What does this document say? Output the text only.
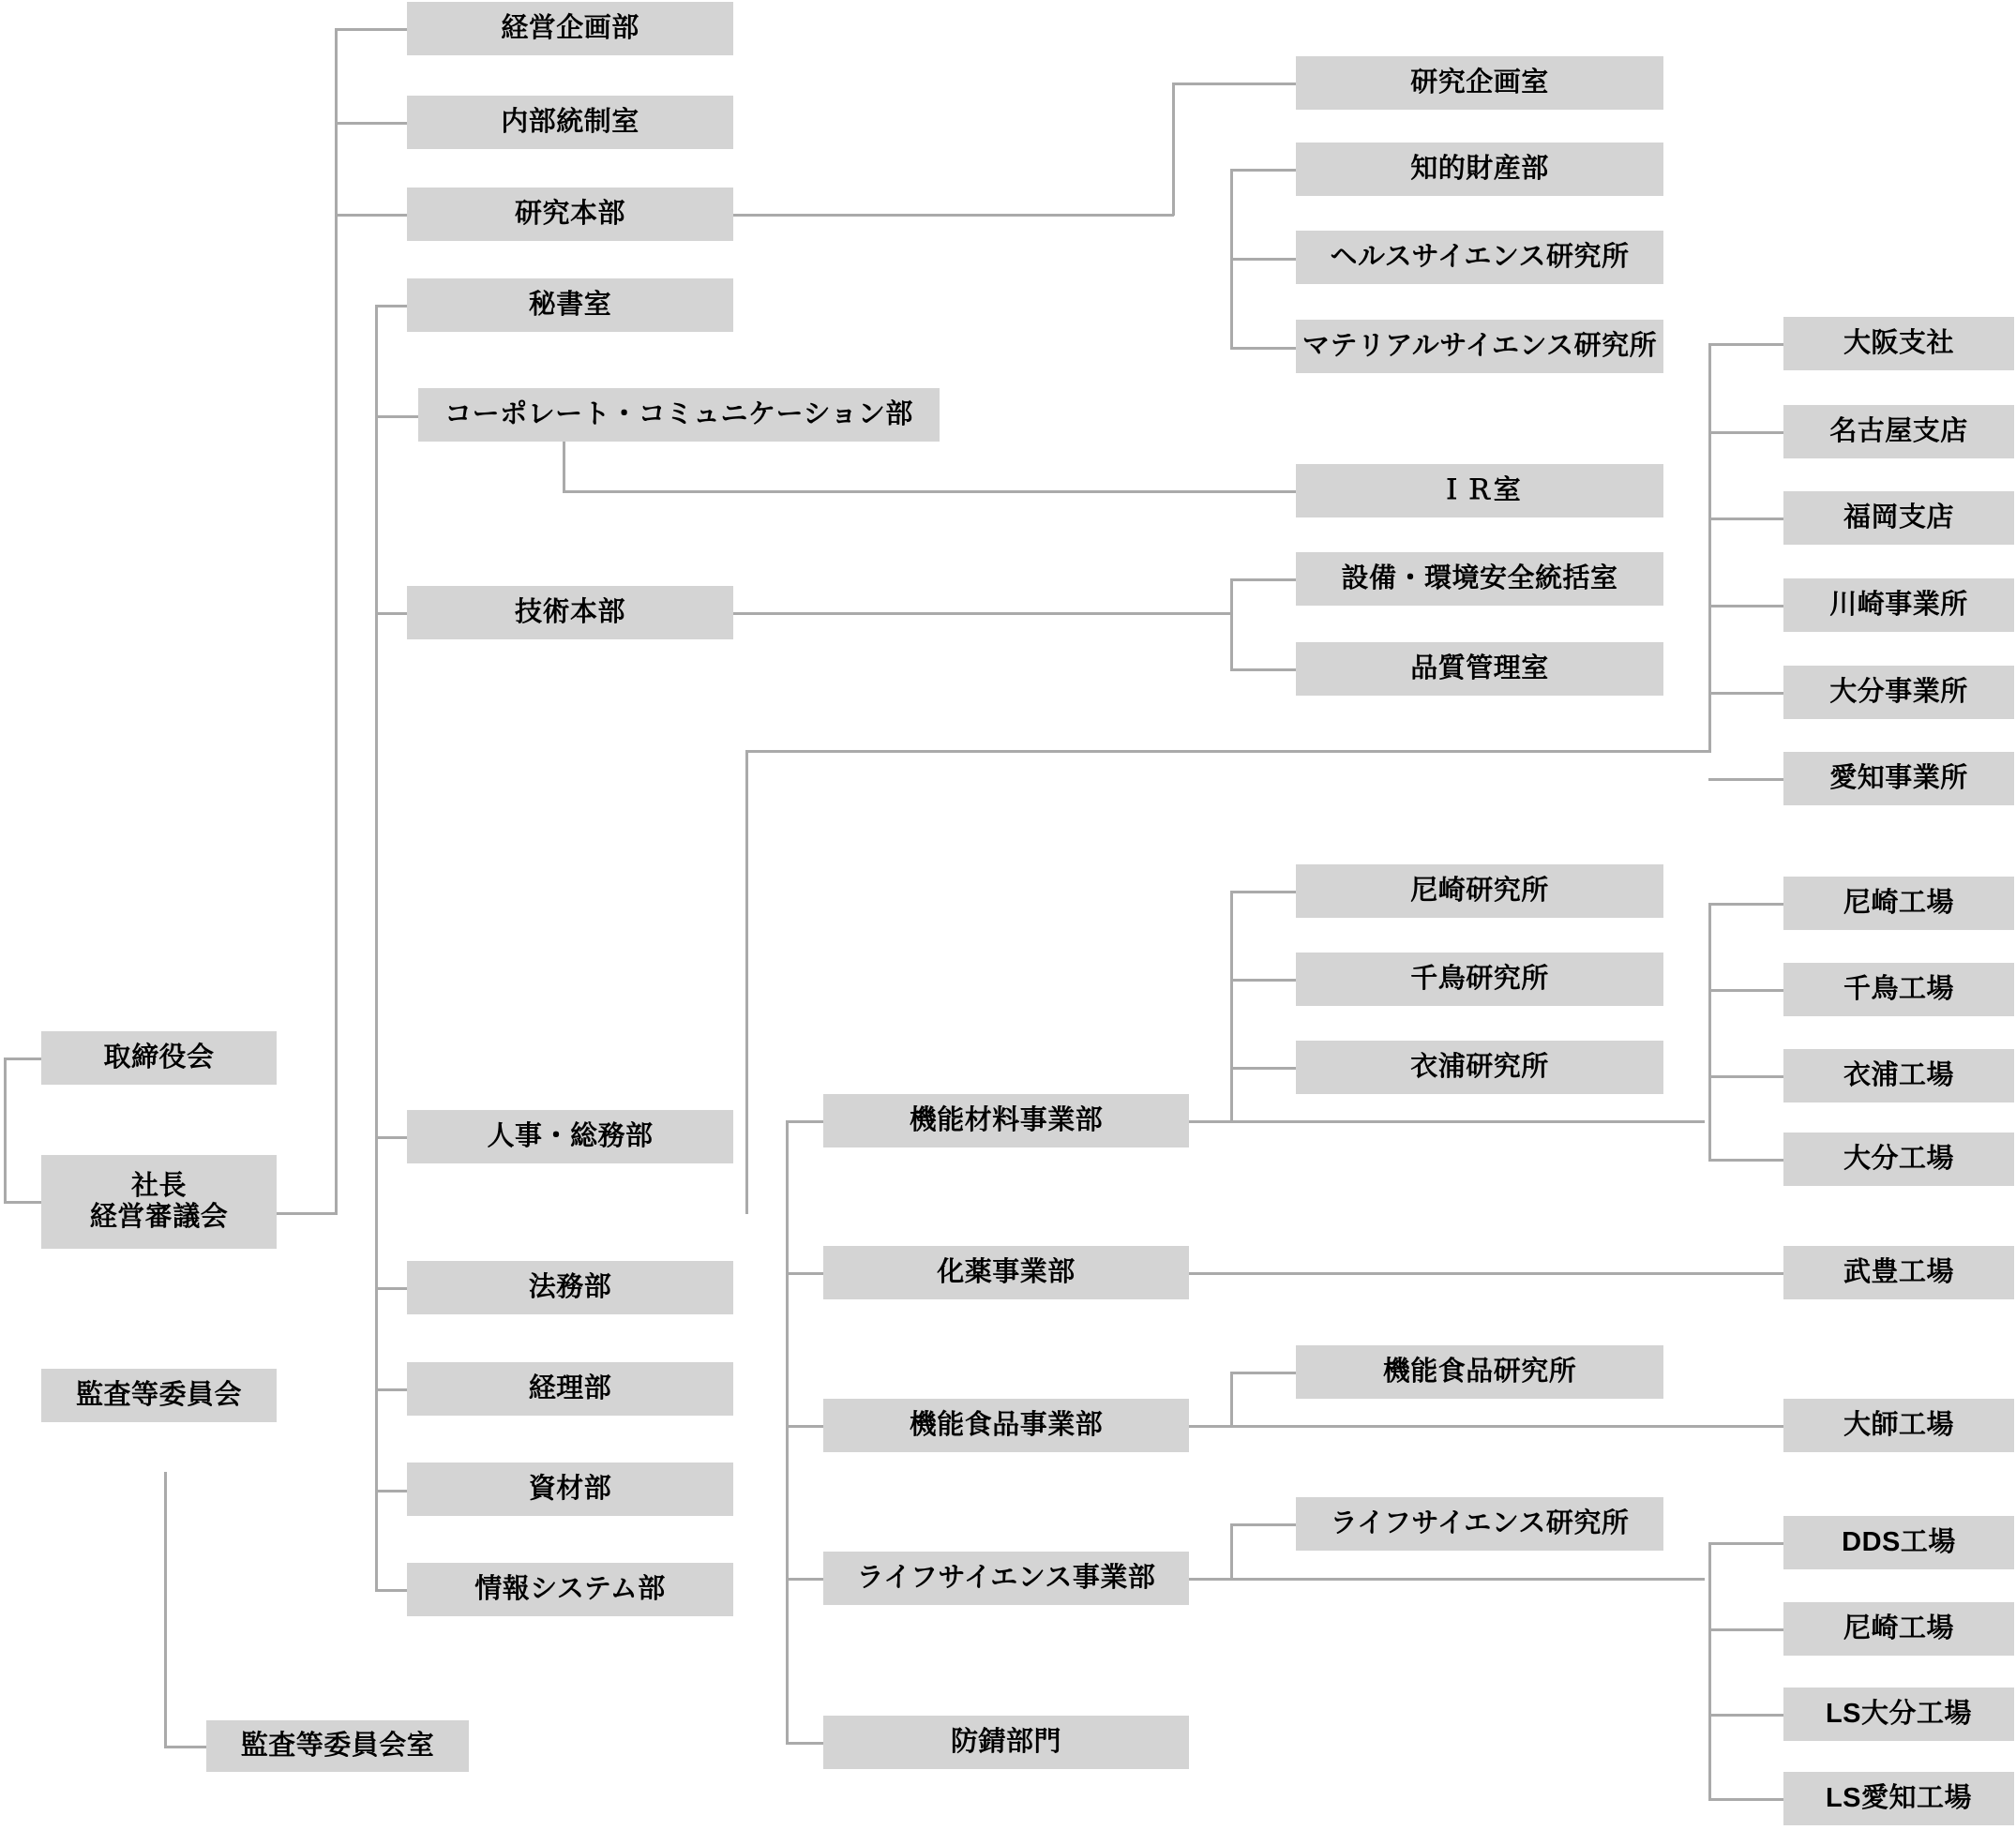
取締役会
社長
経営審議会
監査等委員会
監査等委員会室
経営企画部
内部統制室
研究本部
研究企画室
知的財産部
ヘルスサイエンス研究所
マテリアルサイエンス研究所
秘書室
コーポレート・コミュニケーション部
ＩＲ室
技術本部
設備・環境安全統括室
品質管理室
人事・総務部
法務部
経理部
資材部
情報システム部
大阪支社
名古屋支店
福岡支店
川崎事業所
大分事業所
愛知事業所
機能材料事業部
尼崎研究所
千鳥研究所
衣浦研究所
尼崎工場
千鳥工場
衣浦工場
大分工場
化薬事業部	武豊工場
機能食品事業部
機能食品研究所
大師工場
ライフサイエンス事業部
ライフサイエンス研究所
DDS工場
尼崎工場
LS大分工場
LS愛知工場
防錆部門
